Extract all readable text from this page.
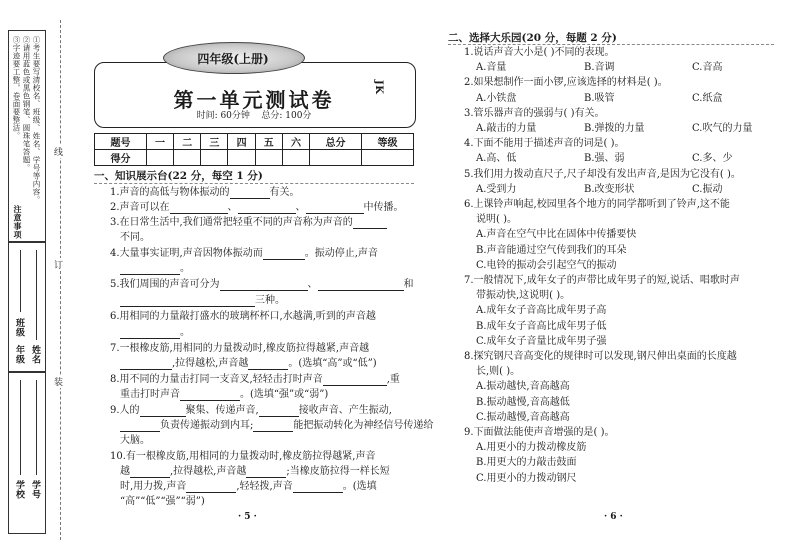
①考生要写清校名、班级、姓名、学号等内容。
②请用蓝色或黑色钢笔、圆珠笔答题。
③字迹要工整，卷面要整洁。
注意事项
班级
年级 姓名
学校 学号
线
订
装
四年级(上册)
第一单元测试卷
时间: 60分钟    总分: 100分
JK
题号	一	二	三	四	五	六	总分	等级
得分								
一、知识展示台(22 分，每空 1 分)
1.声音的高低与物体振动的	有关。
2.声音可以在	、	、	中传播。
3.在日常生活中,我们通常把轻重不同的声音称为声音的
不同。
4.大量事实证明,声音因物体振动而	。振动停止,声音
。
5.我们周围的声音可分为	、	和
三种。
6.用相同的力量敲打盛水的玻璃杯杯口,水越满,听到的声音越
。
7.一根橡皮筋,用相同的力量拨动时,橡皮筋拉得越紧,声音越
,拉得越松,声音越	。(选填“高”或“低”)
8.用不同的力量击打同一支音叉,轻轻击打时声音	,重
重击打时声音	。(选填“强”或“弱”)
9.人的	聚集、传递声音,	接收声音、产生振动,
负责传递振动到内耳;	能把振动转化为神经信号传递给
大脑。
10.有一根橡皮筋,用相同的力量拨动时,橡皮筋拉得越紧,声音
越	,拉得越松,声音越	;当橡皮筋拉得一样长短
时,用力拨,声音	,轻轻拨,声音	。(选填
“高”“低”“强”“弱”)
· 5 ·
二、选择大乐园(20 分，每题 2 分)
1.说话声音大小是( )不同的表现。
A.音量	B.音调	C.音高
2.如果想制作一面小锣,应该选择的材料是( )。
A.小铁盘	B.吸管	C.纸盒
3.管乐器声音的强弱与( )有关。
A.敲击的力量	B.弹拨的力量	C.吹气的力量
4.下面不能用于描述声音的词是( )。
A.高、低	B.强、弱	C.多、少
5.我们用力拨动直尺子,尺子却没有发出声音,是因为它没有( )。
A.受到力	B.改变形状	C.振动
6.上课铃声响起,校园里各个地方的同学都听到了铃声,这不能
说明( )。
A.声音在空气中比在固体中传播要快
B.声音能通过空气传到我们的耳朵
C.电铃的振动会引起空气的振动
7.一般情况下,成年女子的声带比成年男子的短,说话、唱歌时声
带振动快,这说明( )。
A.成年女子音高比成年男子高
B.成年女子音高比成年男子低
C.成年女子音量比成年男子强
8.探究钢尺音高变化的规律时可以发现,钢尺伸出桌面的长度越
长,则( )。
A.振动越快,音高越高
B.振动越慢,音高越低
C.振动越慢,音高越高
9.下面做法能使声音增强的是( )。
A.用更小的力拨动橡皮筋
B.用更大的力敲击鼓面
C.用更小的力拨动钢尺
· 6 ·
